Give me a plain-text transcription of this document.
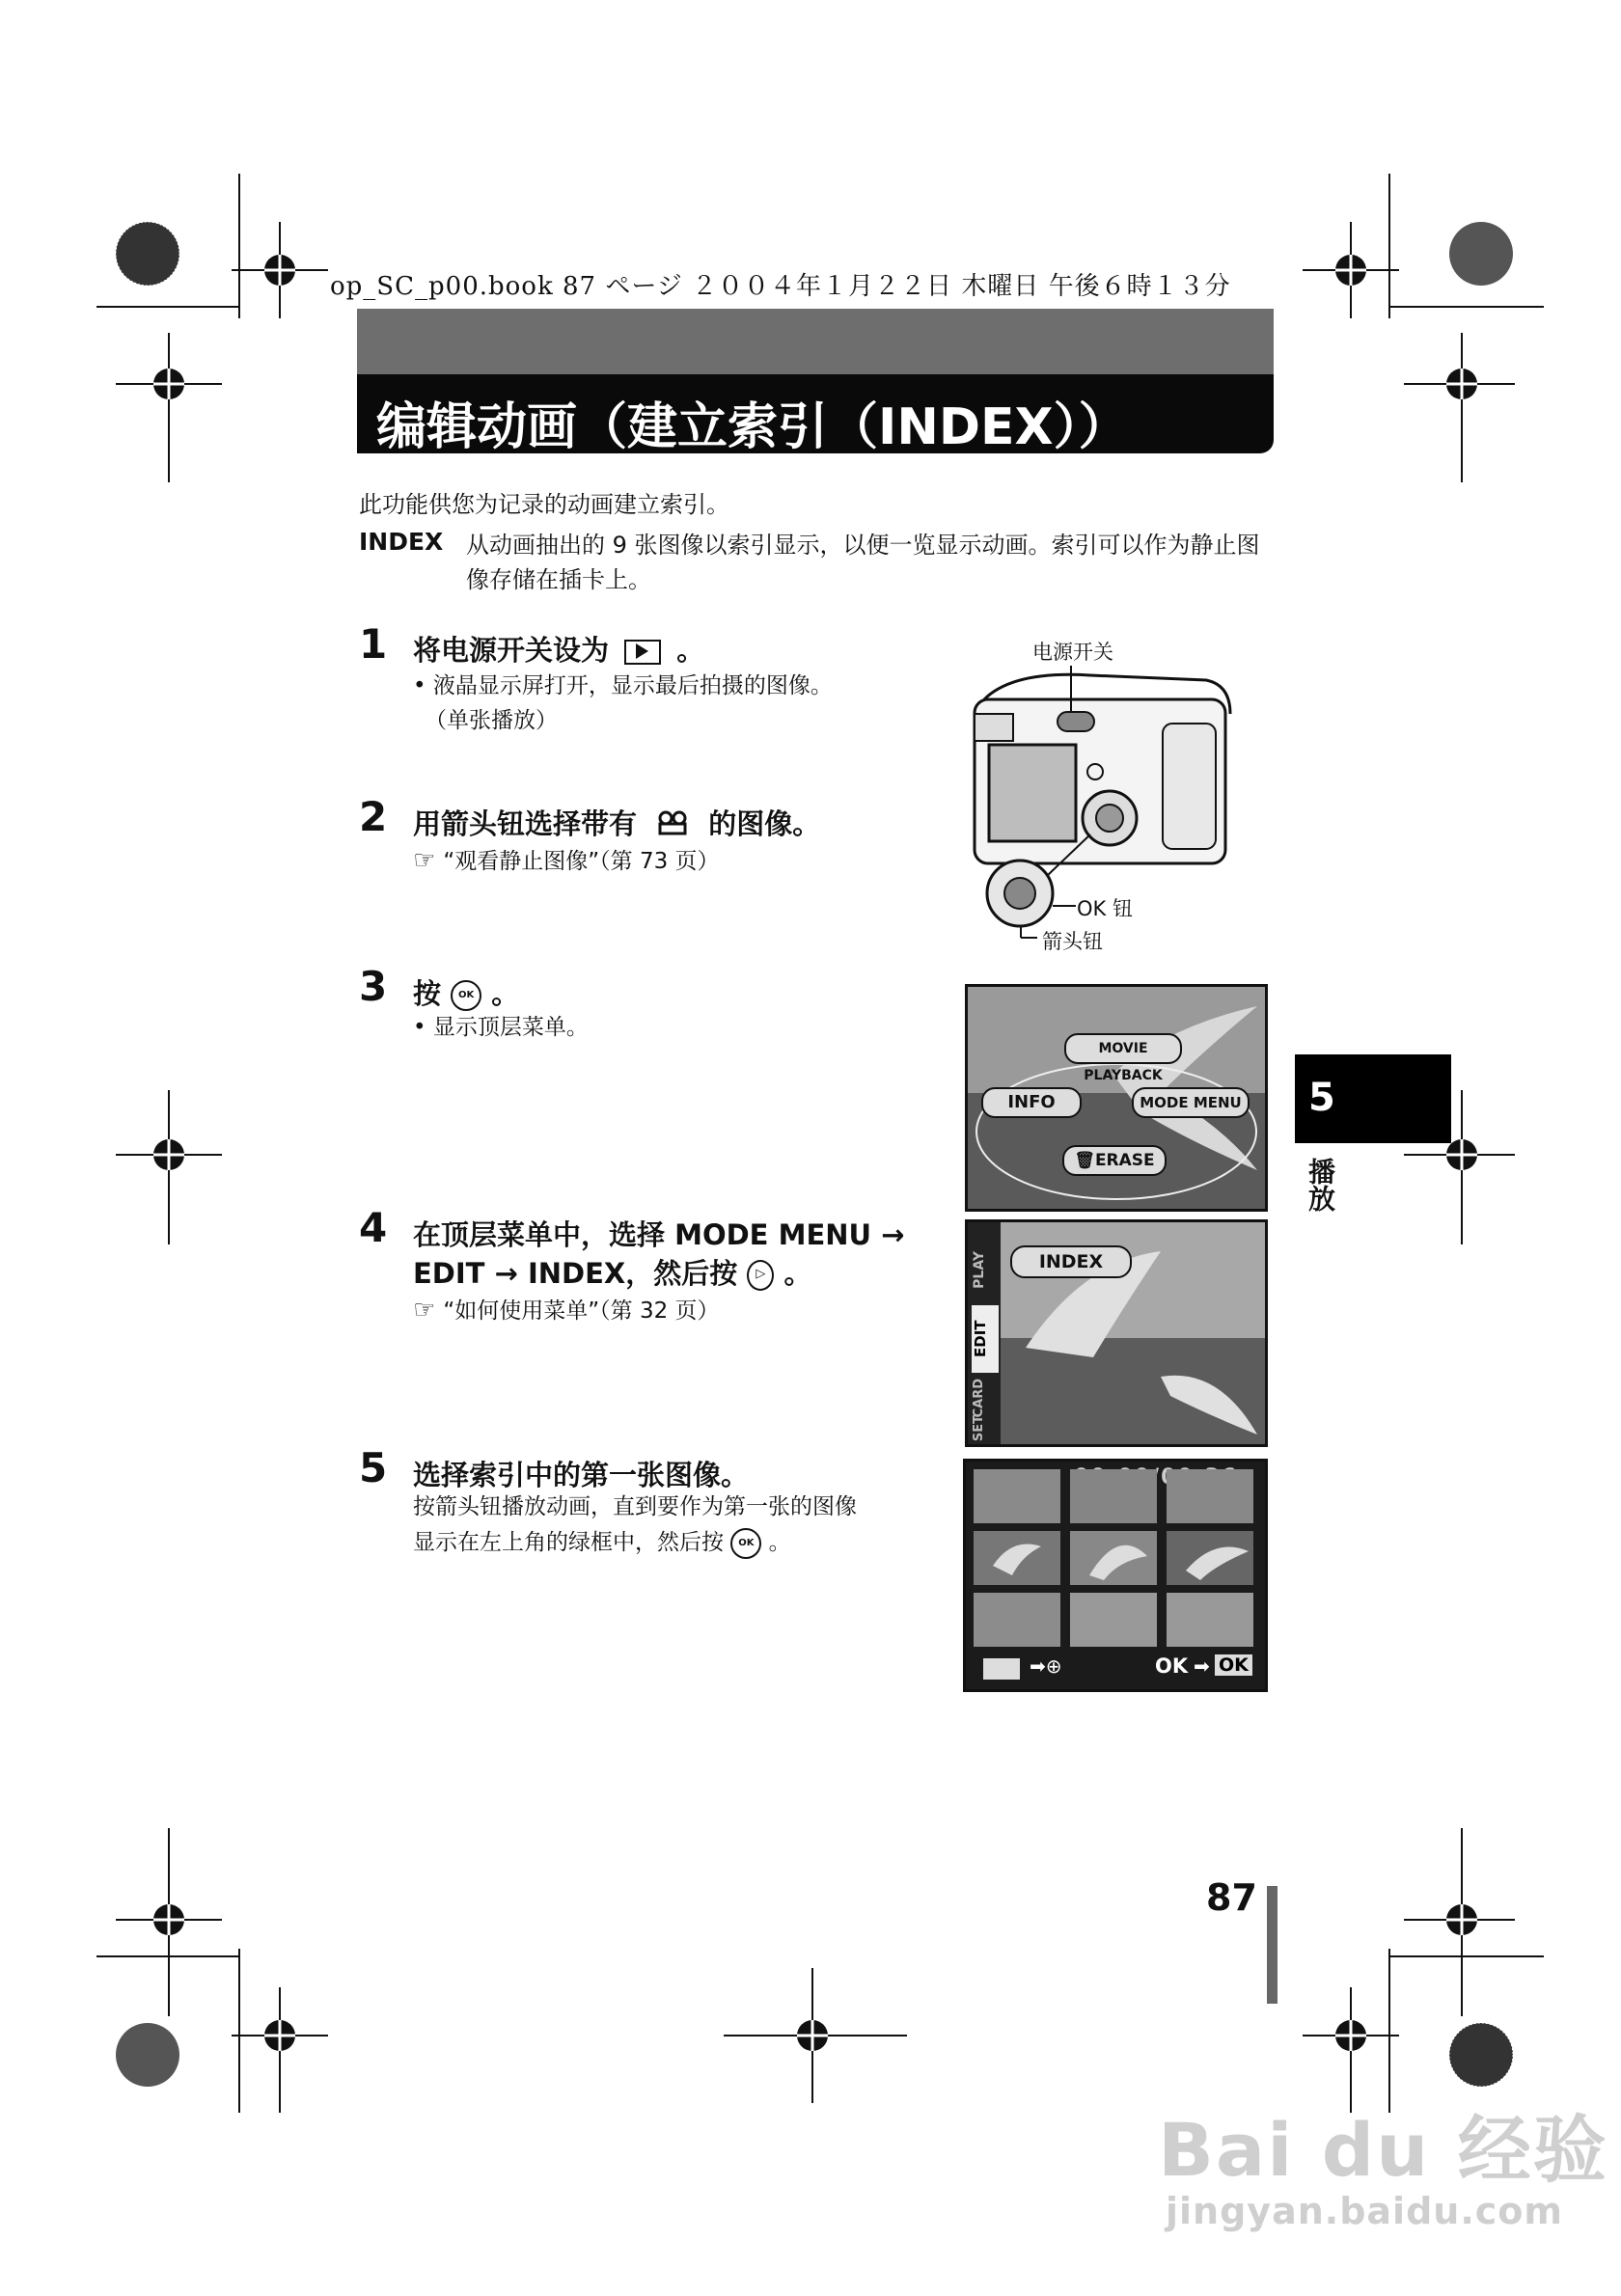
op_SC_p00.book 87 ページ ２００４年１月２２日 木曜日 午後６時１３分
编辑动画（建立索引（INDEX））
此功能供您为记录的动画建立索引。
INDEX 从动画抽出的 9 张图像以索引显示，以便一览显示动画。索引可以作为静止图像存储在插卡上。
1 将电源开关设为 。
• 液晶显示屏打开，显示最后拍摄的图像。
（单张播放）
2 用箭头钮选择带有	的图像。
☞ “观看静止图像”（第 73 页）
3 按 OK 。
• 显示顶层菜单。
4 在顶层菜单中，选择 MODE MENU →
EDIT → INDEX，然后按 ▷ 。
☞ “如何使用菜单”（第 32 页）
5 选择索引中的第一张图像。
按箭头钮播放动画，直到要作为第一张的图像
显示在左上角的绿框中，然后按 OK 。
电源开关
OK 钮
箭头钮
MOVIE PLAYBACK
INFO	MODE MENU
🗑ERASE
PLAY
EDIT
CARD
SET
INDEX
➡⊕	OK ➡ OK
5
播放
87
Bai du 经验
jingyan.baidu.com
